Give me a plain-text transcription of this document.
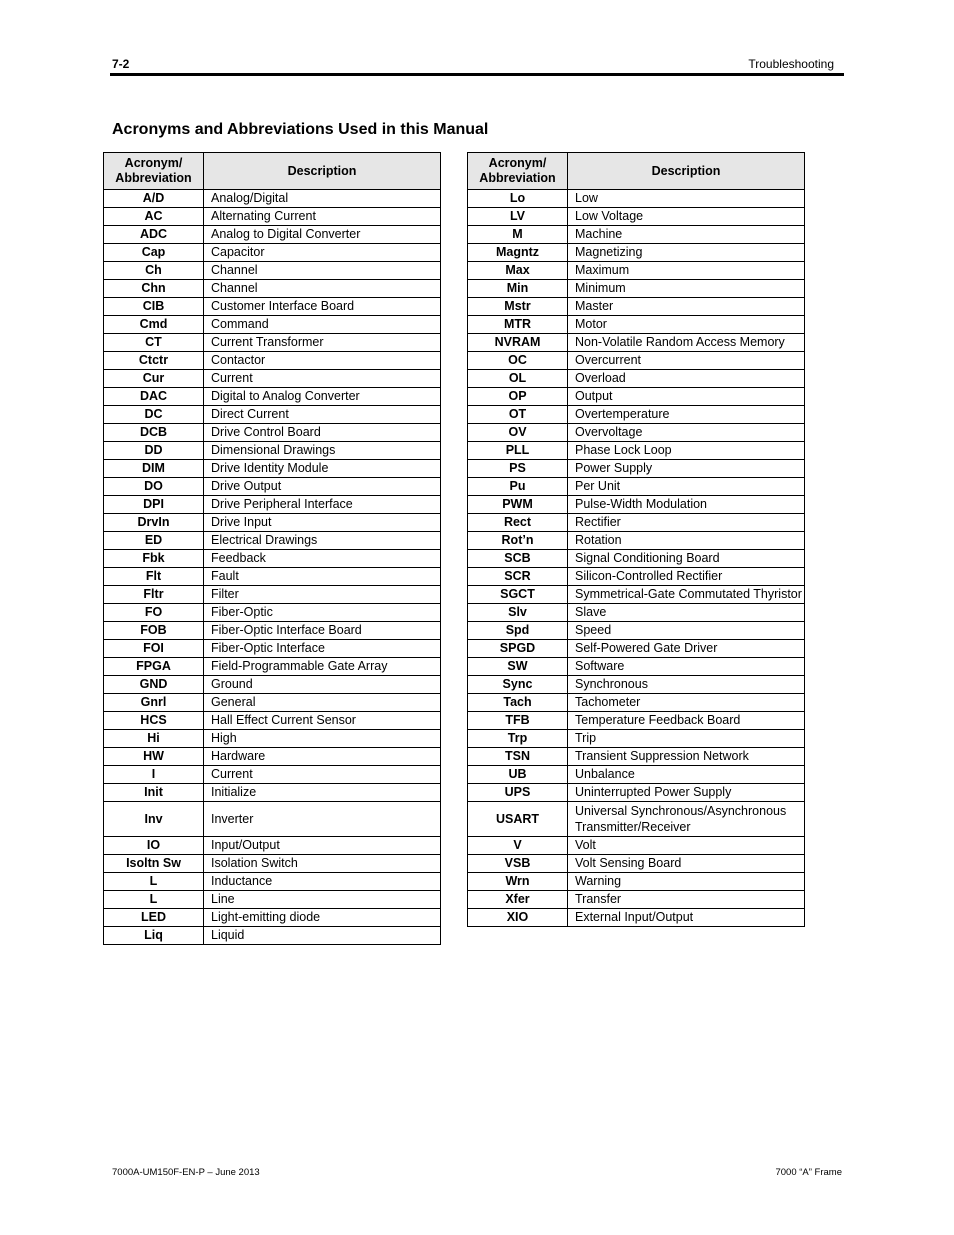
7-2	Troubleshooting
Acronyms and Abbreviations Used in this Manual
Acronym/
Abbreviation	Description
A/D	Analog/Digital
AC	Alternating Current
ADC	Analog to Digital Converter
Cap	Capacitor
Ch	Channel
Chn	Channel
CIB	Customer Interface Board
Cmd	Command
CT	Current Transformer
Ctctr	Contactor
Cur	Current
DAC	Digital to Analog Converter
DC	Direct Current
DCB	Drive Control Board
DD	Dimensional Drawings
DIM	Drive Identity Module
DO	Drive Output
DPI	Drive Peripheral Interface
DrvIn	Drive Input
ED	Electrical Drawings
Fbk	Feedback
Flt	Fault
Fltr	Filter
FO	Fiber-Optic
FOB	Fiber-Optic Interface Board
FOI	Fiber-Optic Interface
FPGA	Field-Programmable Gate Array
GND	Ground
Gnrl	General
HCS	Hall Effect Current Sensor
Hi	High
HW	Hardware
I	Current
Init	Initialize
Inv	Inverter
IO	Input/Output
Isoltn Sw	Isolation Switch
L	Inductance
L	Line
LED	Light-emitting diode
Liq	Liquid
Acronym/
Abbreviation	Description
Lo	Low
LV	Low Voltage
M	Machine
Magntz	Magnetizing
Max	Maximum
Min	Minimum
Mstr	Master
MTR	Motor
NVRAM	Non-Volatile Random Access Memory
OC	Overcurrent
OL	Overload
OP	Output
OT	Overtemperature
OV	Overvoltage
PLL	Phase Lock Loop
PS	Power Supply
Pu	Per Unit
PWM	Pulse-Width Modulation
Rect	Rectifier
Rot’n	Rotation
SCB	Signal Conditioning Board
SCR	Silicon-Controlled Rectifier
SGCT	Symmetrical-Gate Commutated Thyristor
Slv	Slave
Spd	Speed
SPGD	Self-Powered Gate Driver
SW	Software
Sync	Synchronous
Tach	Tachometer
TFB	Temperature Feedback Board
Trp	Trip
TSN	Transient Suppression Network
UB	Unbalance
UPS	Uninterrupted Power Supply
USART	Universal Synchronous/Asynchronous Transmitter/Receiver
V	Volt
VSB	Volt Sensing Board
Wrn	Warning
Xfer	Transfer
XIO	External Input/Output
7000A-UM150F-EN-P – June 2013	7000 “A” Frame
